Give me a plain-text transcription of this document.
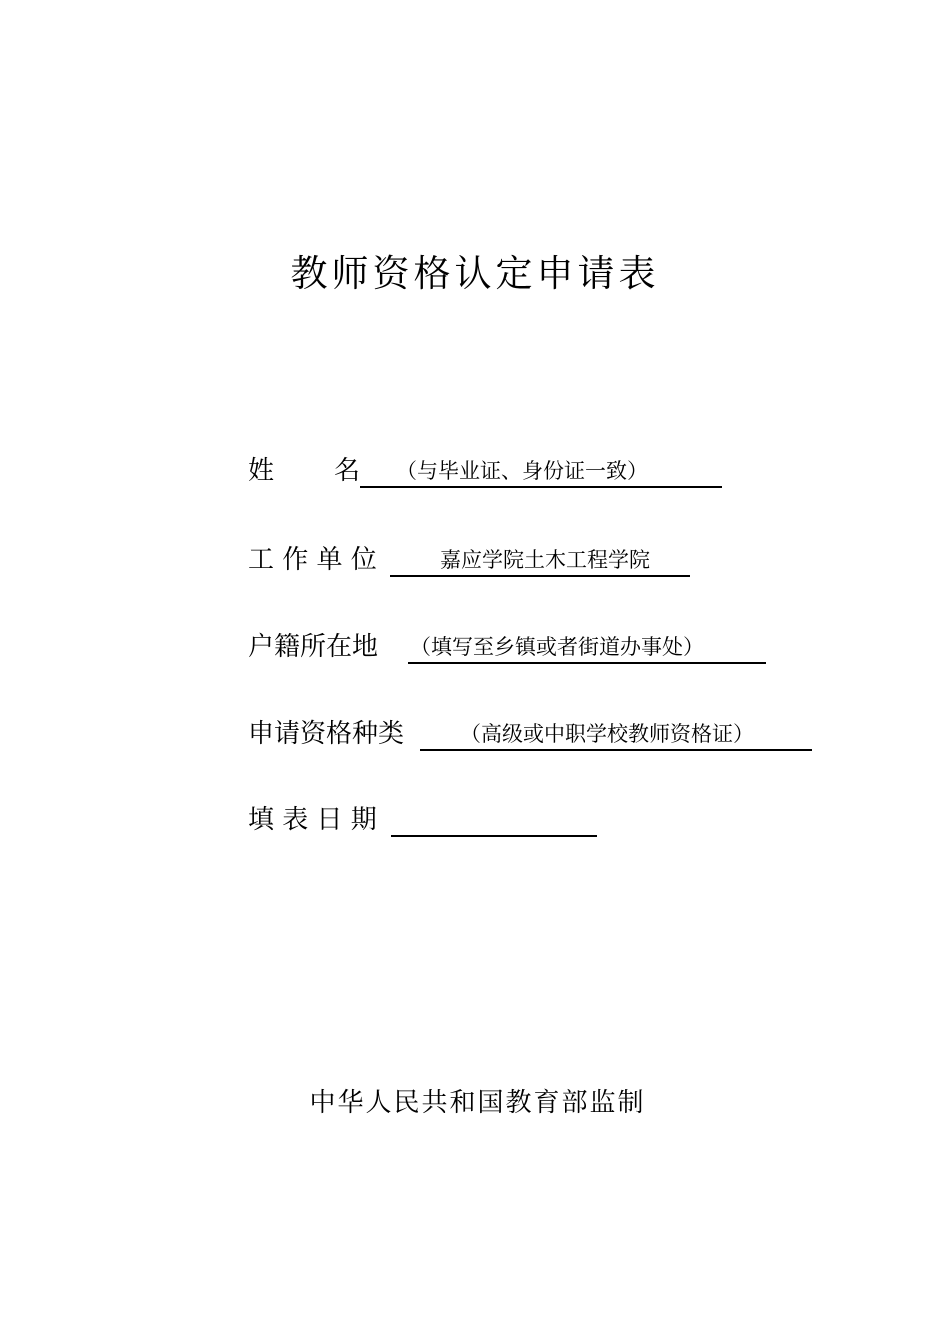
教师资格认定申请表
姓 名	（与毕业证、身份证一致）
工 作 单 位	嘉应学院土木工程学院
户籍所在地	（填写至乡镇或者街道办事处）
申请资格种类	（高级或中职学校教师资格证）
填 表 日 期
中华人民共和国教育部监制
